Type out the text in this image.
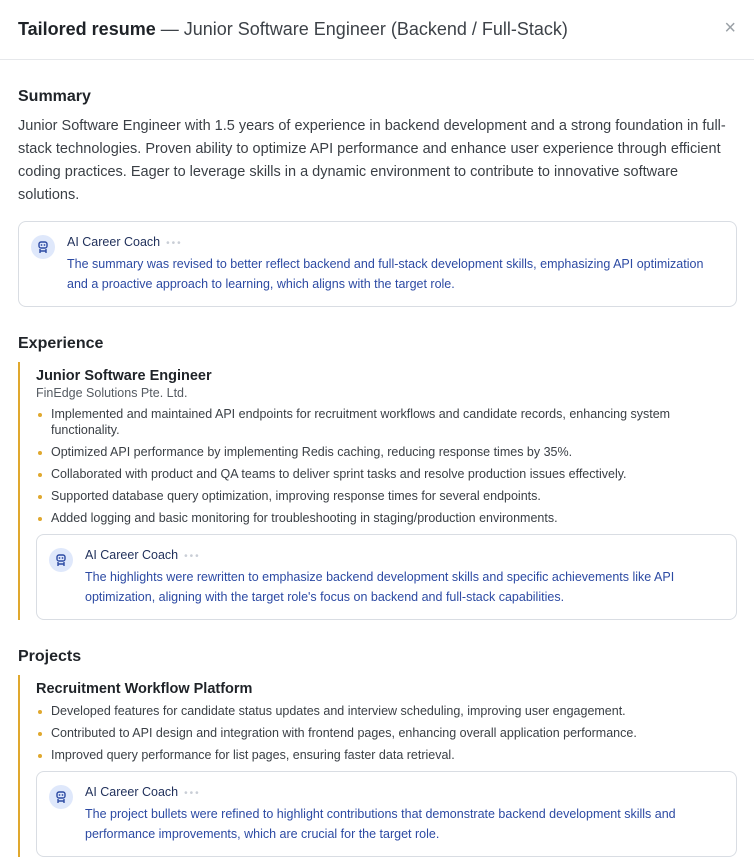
Tailored resume — Junior Software Engineer (Backend / Full-Stack)	×
Summary

Junior Software Engineer with 1.5 years of experience in backend development and a strong foundation in full-stack technologies. Proven ability to optimize API performance and enhance user experience through efficient coding practices. Eager to leverage skills in a dynamic environment to contribute to innovative software solutions.

AI Career Coach •••
The summary was revised to better reflect backend and full-stack development skills, emphasizing API optimization and a proactive approach to learning, which aligns with the target role.
Experience
Junior Software Engineer
FinEdge Solutions Pte. Ltd.
Implemented and maintained API endpoints for recruitment workflows and candidate records, enhancing system functionality.
Optimized API performance by implementing Redis caching, reducing response times by 35%.
Collaborated with product and QA teams to deliver sprint tasks and resolve production issues effectively.
Supported database query optimization, improving response times for several endpoints.
Added logging and basic monitoring for troubleshooting in staging/production environments.
AI Career Coach •••
The highlights were rewritten to emphasize backend development skills and specific achievements like API optimization, aligning with the target role's focus on backend and full-stack capabilities.
Projects
Recruitment Workflow Platform
Developed features for candidate status updates and interview scheduling, improving user engagement.
Contributed to API design and integration with frontend pages, enhancing overall application performance.
Improved query performance for list pages, ensuring faster data retrieval.
AI Career Coach •••
The project bullets were refined to highlight contributions that demonstrate backend development skills and performance improvements, which are crucial for the target role.
